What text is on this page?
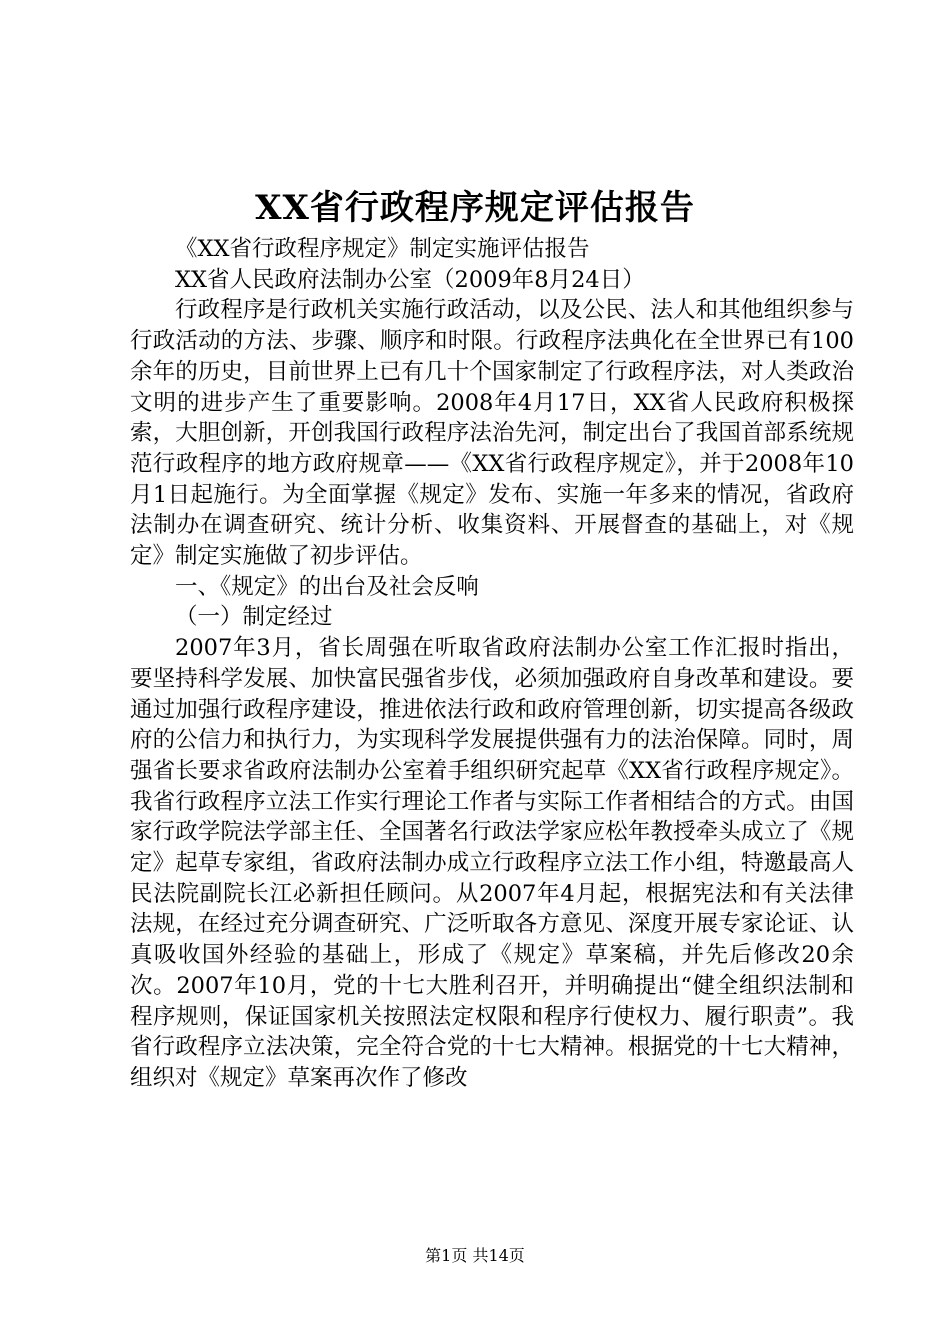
XX省行政程序规定评估报告

《XX省行政程序规定》制定实施评估报告

XX省人民政府法制办公室（2009年8月24日）

行政程序是行政机关实施行政活动，以及公民、法人和其他组织参与行政活动的方法、步骤、顺序和时限。行政程序法典化在全世界已有100余年的历史，目前世界上已有几十个国家制定了行政程序法，对人类政治文明的进步产生了重要影响。2008年4月17日，XX省人民政府积极探索，大胆创新，开创我国行政程序法治先河，制定出台了我国首部系统规范行政程序的地方政府规章——《XX省行政程序规定》，并于2008年10月1日起施行。为全面掌握《规定》发布、实施一年多来的情况，省政府法制办在调查研究、统计分析、收集资料、开展督查的基础上，对《规定》制定实施做了初步评估。

一、《规定》的出台及社会反响

（一）制定经过

2007年3月，省长周强在听取省政府法制办公室工作汇报时指出，要坚持科学发展、加快富民强省步伐，必须加强政府自身改革和建设。要通过加强行政程序建设，推进依法行政和政府管理创新，切实提高各级政府的公信力和执行力，为实现科学发展提供强有力的法治保障。同时，周强省长要求省政府法制办公室着手组织研究起草《XX省行政程序规定》。我省行政程序立法工作实行理论工作者与实际工作者相结合的方式。由国家行政学院法学部主任、全国著名行政法学家应松年教授牵头成立了《规定》起草专家组，省政府法制办成立行政程序立法工作小组，特邀最高人民法院副院长江必新担任顾问。从2007年4月起，根据宪法和有关法律法规，在经过充分调查研究、广泛听取各方意见、深度开展专家论证、认真吸收国外经验的基础上，形成了《规定》草案稿，并先后修改20余次。2007年10月，党的十七大胜利召开，并明确提出“健全组织法制和程序规则，保证国家机关按照法定权限和程序行使权力、履行职责”。我省行政程序立法决策，完全符合党的十七大精神。根据党的十七大精神，组织对《规定》草案再次作了修改

第1页 共14页
